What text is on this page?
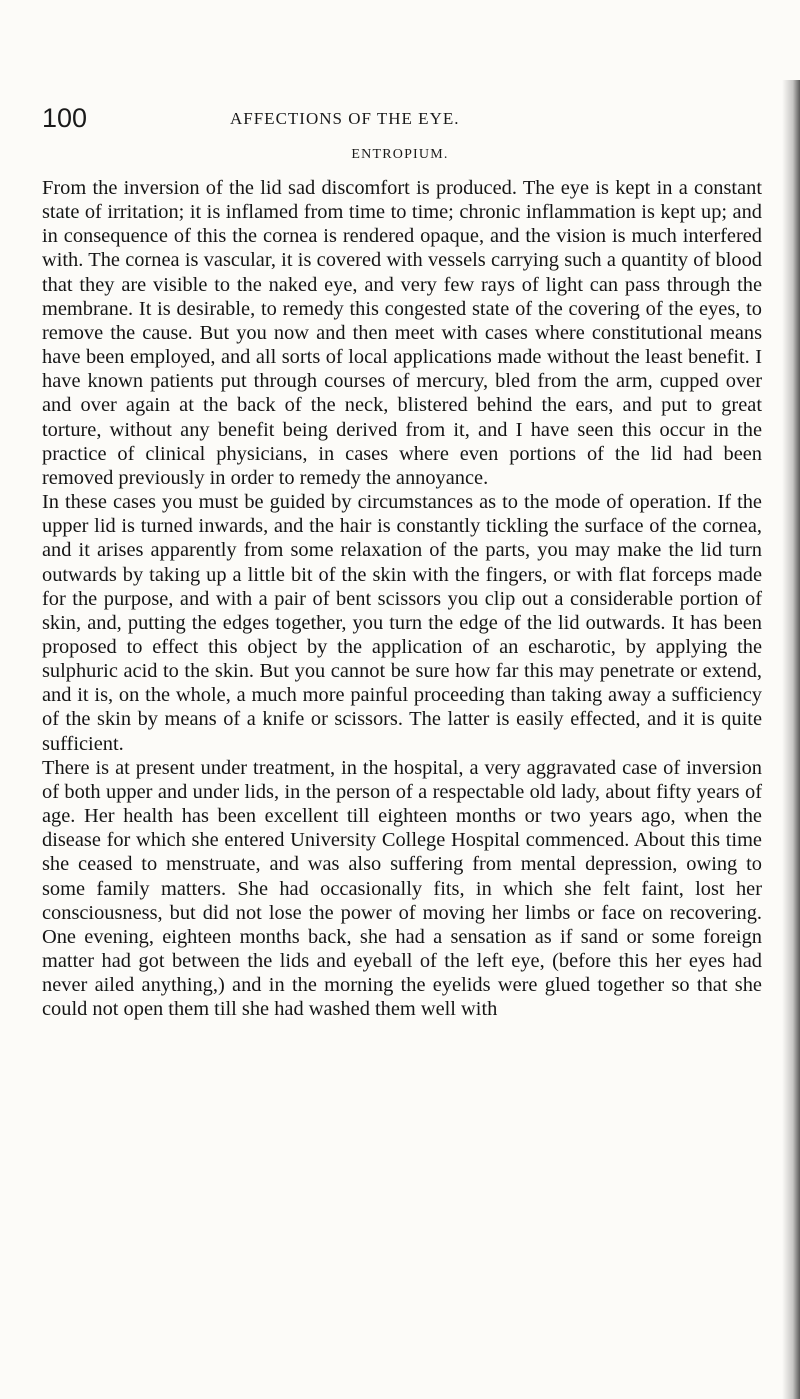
100	AFFECTIONS OF THE EYE.
ENTROPIUM.

From the inversion of the lid sad discomfort is produced. The eye is kept in a constant state of irritation; it is inflamed from time to time; chronic inflammation is kept up; and in consequence of this the cornea is rendered opaque, and the vision is much interfered with. The cornea is vascular, it is covered with vessels carrying such a quantity of blood that they are visible to the naked eye, and very few rays of light can pass through the membrane. It is desirable, to remedy this congested state of the covering of the eyes, to remove the cause. But you now and then meet with cases where constitutional means have been employed, and all sorts of local applications made without the least benefit. I have known patients put through courses of mercury, bled from the arm, cupped over and over again at the back of the neck, blistered behind the ears, and put to great torture, without any benefit being derived from it, and I have seen this occur in the practice of clinical physicians, in cases where even portions of the lid had been removed previously in order to remedy the annoyance.

In these cases you must be guided by circumstances as to the mode of operation. If the upper lid is turned inwards, and the hair is constantly tickling the surface of the cornea, and it arises apparently from some relaxation of the parts, you may make the lid turn outwards by taking up a little bit of the skin with the fingers, or with flat forceps made for the purpose, and with a pair of bent scissors you clip out a considerable portion of skin, and, putting the edges together, you turn the edge of the lid outwards. It has been proposed to effect this object by the application of an escharotic, by applying the sulphuric acid to the skin. But you cannot be sure how far this may penetrate or extend, and it is, on the whole, a much more painful proceeding than taking away a sufficiency of the skin by means of a knife or scissors. The latter is easily effected, and it is quite sufficient.

There is at present under treatment, in the hospital, a very aggravated case of inversion of both upper and under lids, in the person of a respectable old lady, about fifty years of age. Her health has been excellent till eighteen months or two years ago, when the disease for which she entered University College Hospital commenced. About this time she ceased to menstruate, and was also suffering from mental depression, owing to some family matters. She had occasionally fits, in which she felt faint, lost her consciousness, but did not lose the power of moving her limbs or face on recovering. One evening, eighteen months back, she had a sensation as if sand or some foreign matter had got between the lids and eyeball of the left eye, (before this her eyes had never ailed anything,) and in the morning the eyelids were glued together so that she could not open them till she had washed them well with
